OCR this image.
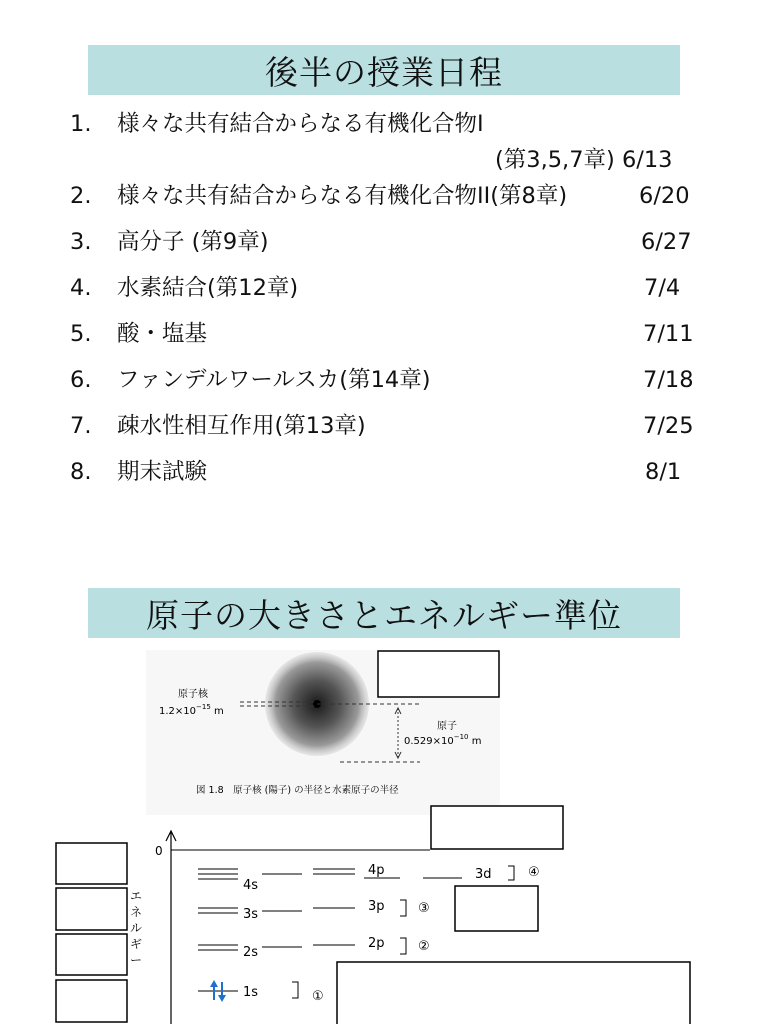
後半の授業日程
1.	様々な共有結合からなる有機化合物I
(第3,5,7章) 6/13
2.	様々な共有結合からなる有機化合物II(第8章)	6/20
3.	高分子 (第9章)	6/27
4.	水素結合(第12章)	7/4
5.	酸・塩基	7/11
6.	ファンデルワールスカ(第14章)	7/18
7.	疎水性相互作用(第13章)	7/25
8.	期末試験	8/1
原子の大きさとエネルギー準位
原子核
$1.2\times 10^{-15}$ m
原子
$0.529\times 10^{-10}$ m
図 1.8　原子核 (陽子) の半径と水素原子の半径
0
エ
ネ
ル
ギ
ー
4s
4p	3d	④
3s
3p	③
2s
2p	②
1s	①
